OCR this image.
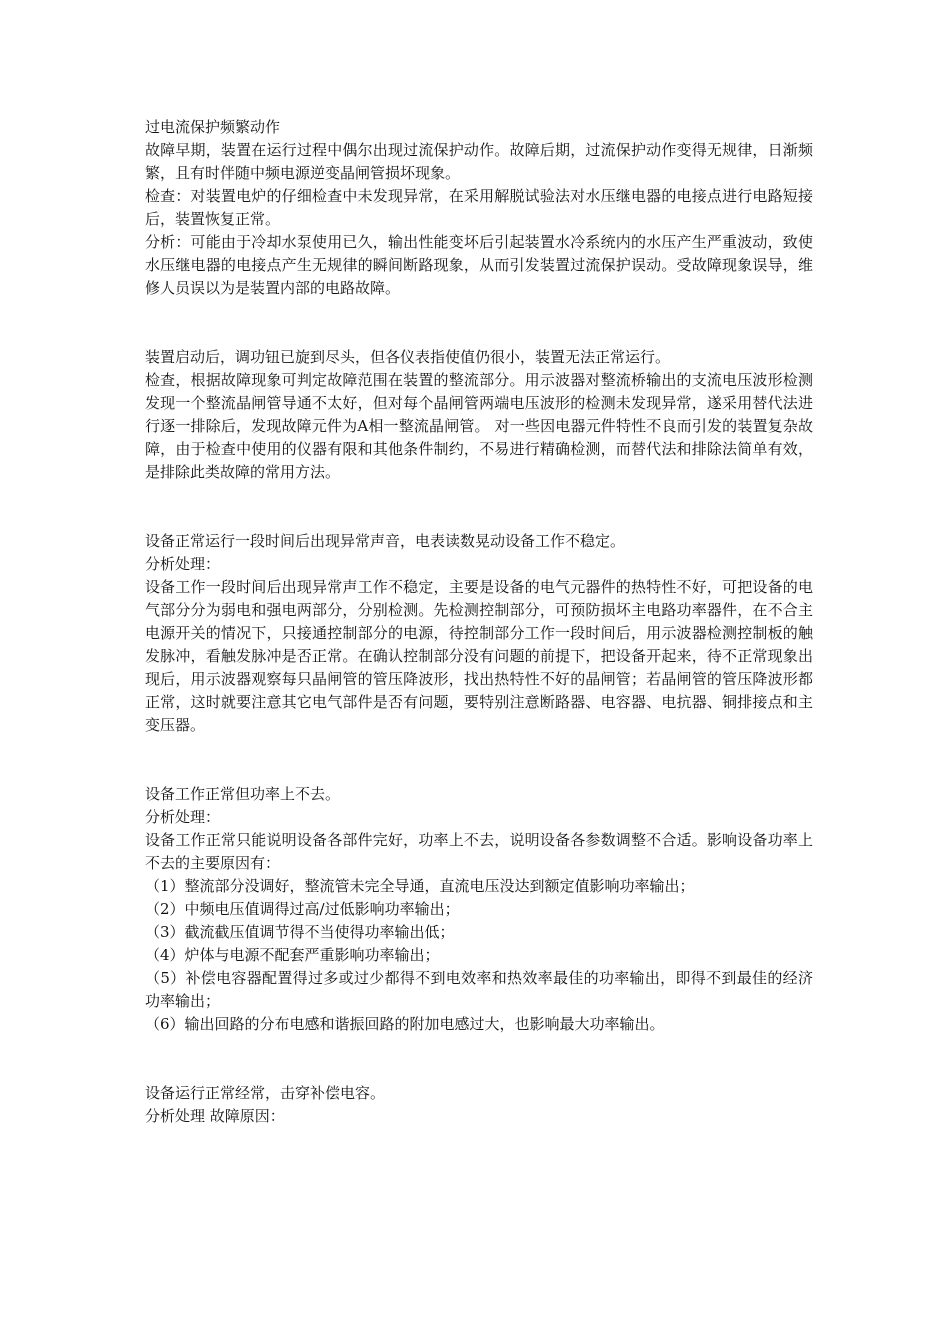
过电流保护频繁动作

故障早期，装置在运行过程中偶尔出现过流保护动作。故障后期，过流保护动作变得无规律，日渐频繁，且有时伴随中频电源逆变晶闸管损坏现象。

检查：对装置电炉的仔细检查中未发现异常，在采用解脱试验法对水压继电器的电接点进行电路短接后，装置恢复正常。

分析：可能由于冷却水泵使用已久，输出性能变坏后引起装置水冷系统内的水压产生严重波动，致使水压继电器的电接点产生无规律的瞬间断路现象，从而引发装置过流保护误动。受故障现象误导，维修人员误以为是装置内部的电路故障。

装置启动后，调功钮已旋到尽头，但各仪表指使值仍很小，装置无法正常运行。

检查，根据故障现象可判定故障范围在装置的整流部分。用示波器对整流桥输出的支流电压波形检测发现一个整流晶闸管导通不太好，但对每个晶闸管两端电压波形的检测未发现异常，遂采用替代法进行逐一排除后，发现故障元件为A相一整流晶闸管。 对一些因电器元件特性不良而引发的装置复杂故障，由于检查中使用的仪器有限和其他条件制约，不易进行精确检测，而替代法和排除法简单有效，是排除此类故障的常用方法。

设备正常运行一段时间后出现异常声音，电表读数晃动设备工作不稳定。

分析处理：

设备工作一段时间后出现异常声工作不稳定，主要是设备的电气元器件的热特性不好，可把设备的电气部分分为弱电和强电两部分，分别检测。先检测控制部分，可预防损坏主电路功率器件，在不合主电源开关的情况下，只接通控制部分的电源，待控制部分工作一段时间后，用示波器检测控制板的触发脉冲，看触发脉冲是否正常。在确认控制部分没有问题的前提下，把设备开起来，待不正常现象出现后，用示波器观察每只晶闸管的管压降波形，找出热特性不好的晶闸管；若晶闸管的管压降波形都正常，这时就要注意其它电气部件是否有问题，要特别注意断路器、电容器、电抗器、铜排接点和主变压器。

设备工作正常但功率上不去。

分析处理：

设备工作正常只能说明设备各部件完好，功率上不去，说明设备各参数调整不合适。影响设备功率上不去的主要原因有：

（1）整流部分没调好，整流管未完全导通，直流电压没达到额定值影响功率输出；

（2）中频电压值调得过高/过低影响功率输出；

（3）截流截压值调节得不当使得功率输出低；

（4）炉体与电源不配套严重影响功率输出；

（5）补偿电容器配置得过多或过少都得不到电效率和热效率最佳的功率输出，即得不到最佳的经济功率输出；

（6）输出回路的分布电感和谐振回路的附加电感过大，也影响最大功率输出。

设备运行正常经常，击穿补偿电容。

分析处理 故障原因：
